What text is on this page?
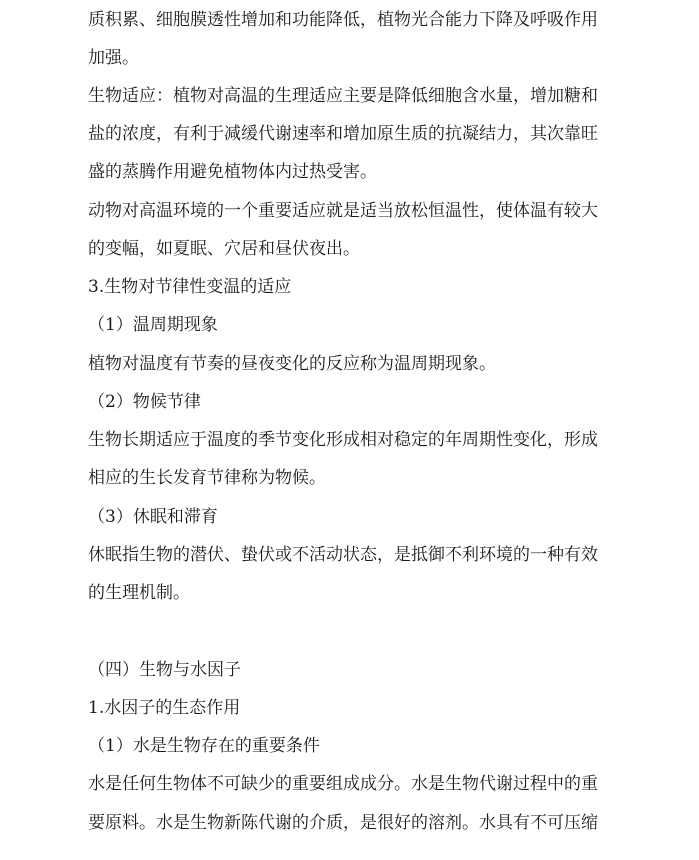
质积累、细胞膜透性增加和功能降低，植物光合能力下降及呼吸作用
加强。
生物适应：植物对高温的生理适应主要是降低细胞含水量，增加糖和
盐的浓度，有利于减缓代谢速率和增加原生质的抗凝结力，其次靠旺
盛的蒸腾作用避免植物体内过热受害。
动物对高温环境的一个重要适应就是适当放松恒温性，使体温有较大
的变幅，如夏眠、穴居和昼伏夜出。
3.生物对节律性变温的适应
（1）温周期现象
植物对温度有节奏的昼夜变化的反应称为温周期现象。
（2）物候节律
生物长期适应于温度的季节变化形成相对稳定的年周期性变化，形成
相应的生长发育节律称为物候。
（3）休眠和滞育
休眠指生物的潜伏、蛰伏或不活动状态，是抵御不利环境的一种有效
的生理机制。
（四）生物与水因子
1.水因子的生态作用
（1）水是生物存在的重要条件
水是任何生物体不可缺少的重要组成成分。水是生物代谢过程中的重
要原料。水是生物新陈代谢的介质，是很好的溶剂。水具有不可压缩
